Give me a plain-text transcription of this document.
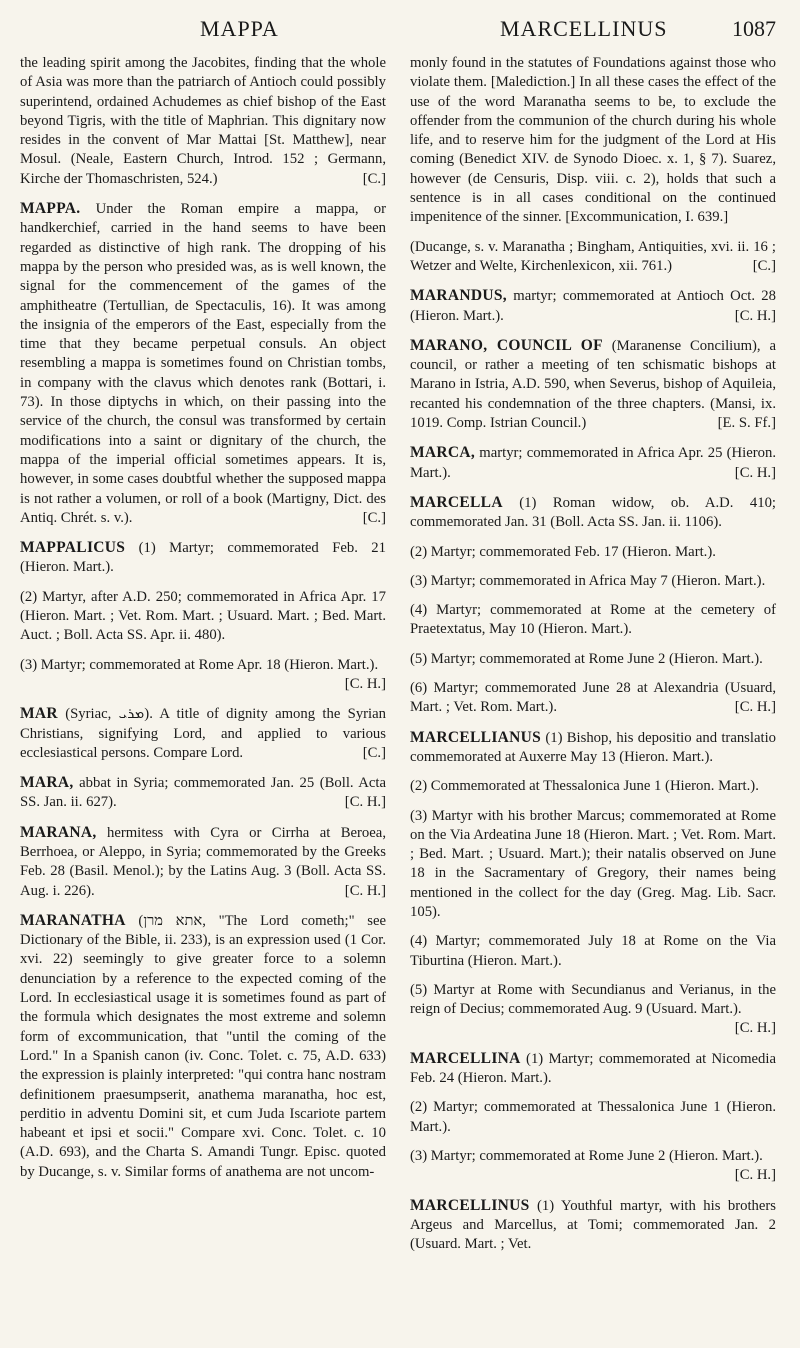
MAPPA	MARCELLINUS	1087

the leading spirit among the Jacobites, finding that the whole of Asia was more than the patriarch of Antioch could possibly superintend, ordained Achudemes as chief bishop of the East beyond Tigris, with the title of Maphrian. This dignitary now resides in the convent of Mar Mattai [St. Matthew], near Mosul. (Neale, Eastern Church, Introd. 152 ; Germann, Kirche der Thomaschristen, 524.)	[C.]

MAPPA. Under the Roman empire a mappa, or handkerchief, carried in the hand seems to have been regarded as distinctive of high rank. The dropping of his mappa by the person who presided was, as is well known, the signal for the commencement of the games of the amphitheatre (Tertullian, de Spectaculis, 16). It was among the insignia of the emperors of the East, especially from the time that they became perpetual consuls. An object resembling a mappa is sometimes found on Christian tombs, in company with the clavus which denotes rank (Bottari, i. 73). In those diptychs in which, on their passing into the service of the church, the consul was transformed by certain modifications into a saint or dignitary of the church, the mappa of the imperial official sometimes appears. It is, however, in some cases doubtful whether the supposed mappa is not rather a volumen, or roll of a book (Martigny, Dict. des Antiq. Chrét. s. v.).	[C.]

MAPPALICUS (1) Martyr; commemorated Feb. 21 (Hieron. Mart.).

(2) Martyr, after A.D. 250; commemorated in Africa Apr. 17 (Hieron. Mart. ; Vet. Rom. Mart. ; Usuard. Mart. ; Bed. Mart. Auct. ; Boll. Acta SS. Apr. ii. 480).

(3) Martyr; commemorated at Rome Apr. 18 (Hieron. Mart.).
[C. H.]

MAR (Syriac, ܡܪܝ). A title of dignity among the Syrian Christians, signifying Lord, and applied to various ecclesiastical persons. Compare Lord.	[C.]

MARA, abbat in Syria; commemorated Jan. 25 (Boll. Acta SS. Jan. ii. 627).	[C. H.]

MARANA, hermitess with Cyra or Cirrha at Beroea, Berrhoea, or Aleppo, in Syria; commemorated by the Greeks Feb. 28 (Basil. Menol.); by the Latins Aug. 3 (Boll. Acta SS. Aug. i. 226).	[C. H.]

MARANATHA (אתא מרן, "The Lord cometh;" see Dictionary of the Bible, ii. 233), is an expression used (1 Cor. xvi. 22) seemingly to give greater force to a solemn denunciation by a reference to the expected coming of the Lord. In ecclesiastical usage it is sometimes found as part of the formula which designates the most extreme and solemn form of excommunication, that "until the coming of the Lord." In a Spanish canon (iv. Conc. Tolet. c. 75, A.D. 633) the expression is plainly interpreted: "qui contra hanc nostram definitionem praesumpserit, anathema maranatha, hoc est, perditio in adventu Domini sit, et cum Juda Iscariote partem habeant et ipsi et socii." Compare xvi. Conc. Tolet. c. 10 (A.D. 693), and the Charta S. Amandi Tungr. Episc. quoted by Ducange, s. v. Similar forms of anathema are not uncom-

monly found in the statutes of Foundations against those who violate them. [Malediction.] In all these cases the effect of the use of the word Maranatha seems to be, to exclude the offender from the communion of the church during his whole life, and to reserve him for the judgment of the Lord at His coming (Benedict XIV. de Synodo Dioec. x. 1, § 7). Suarez, however (de Censuris, Disp. viii. c. 2), holds that such a sentence is in all cases conditional on the continued impenitence of the sinner. [Excommunication, I. 639.]

(Ducange, s. v. Maranatha ; Bingham, Antiquities, xvi. ii. 16 ; Wetzer and Welte, Kirchenlexicon, xii. 761.)	[C.]

MARANDUS, martyr; commemorated at Antioch Oct. 28 (Hieron. Mart.).	[C. H.]

MARANO, COUNCIL OF (Maranense Concilium), a council, or rather a meeting of ten schismatic bishops at Marano in Istria, A.D. 590, when Severus, bishop of Aquileia, recanted his condemnation of the three chapters. (Mansi, ix. 1019. Comp. Istrian Council.)	[E. S. Ff.]

MARCA, martyr; commemorated in Africa Apr. 25 (Hieron. Mart.).	[C. H.]

MARCELLA (1) Roman widow, ob. A.D. 410; commemorated Jan. 31 (Boll. Acta SS. Jan. ii. 1106).

(2) Martyr; commemorated Feb. 17 (Hieron. Mart.).

(3) Martyr; commemorated in Africa May 7 (Hieron. Mart.).

(4) Martyr; commemorated at Rome at the cemetery of Praetextatus, May 10 (Hieron. Mart.).

(5) Martyr; commemorated at Rome June 2 (Hieron. Mart.).

(6) Martyr; commemorated June 28 at Alexandria (Usuard, Mart. ; Vet. Rom. Mart.).	[C. H.]

MARCELLIANUS (1) Bishop, his depositio and translatio commemorated at Auxerre May 13 (Hieron. Mart.).

(2) Commemorated at Thessalonica June 1 (Hieron. Mart.).

(3) Martyr with his brother Marcus; commemorated at Rome on the Via Ardeatina June 18 (Hieron. Mart. ; Vet. Rom. Mart. ; Bed. Mart. ; Usuard. Mart.); their natalis observed on June 18 in the Sacramentary of Gregory, their names being mentioned in the collect for the day (Greg. Mag. Lib. Sacr. 105).

(4) Martyr; commemorated July 18 at Rome on the Via Tiburtina (Hieron. Mart.).

(5) Martyr at Rome with Secundianus and Verianus, in the reign of Decius; commemorated Aug. 9 (Usuard. Mart.).
[C. H.]

MARCELLINA (1) Martyr; commemorated at Nicomedia Feb. 24 (Hieron. Mart.).

(2) Martyr; commemorated at Thessalonica June 1 (Hieron. Mart.).

(3) Martyr; commemorated at Rome June 2 (Hieron. Mart.).
[C. H.]

MARCELLINUS (1) Youthful martyr, with his brothers Argeus and Marcellus, at Tomi; commemorated Jan. 2 (Usuard. Mart. ; Vet.
